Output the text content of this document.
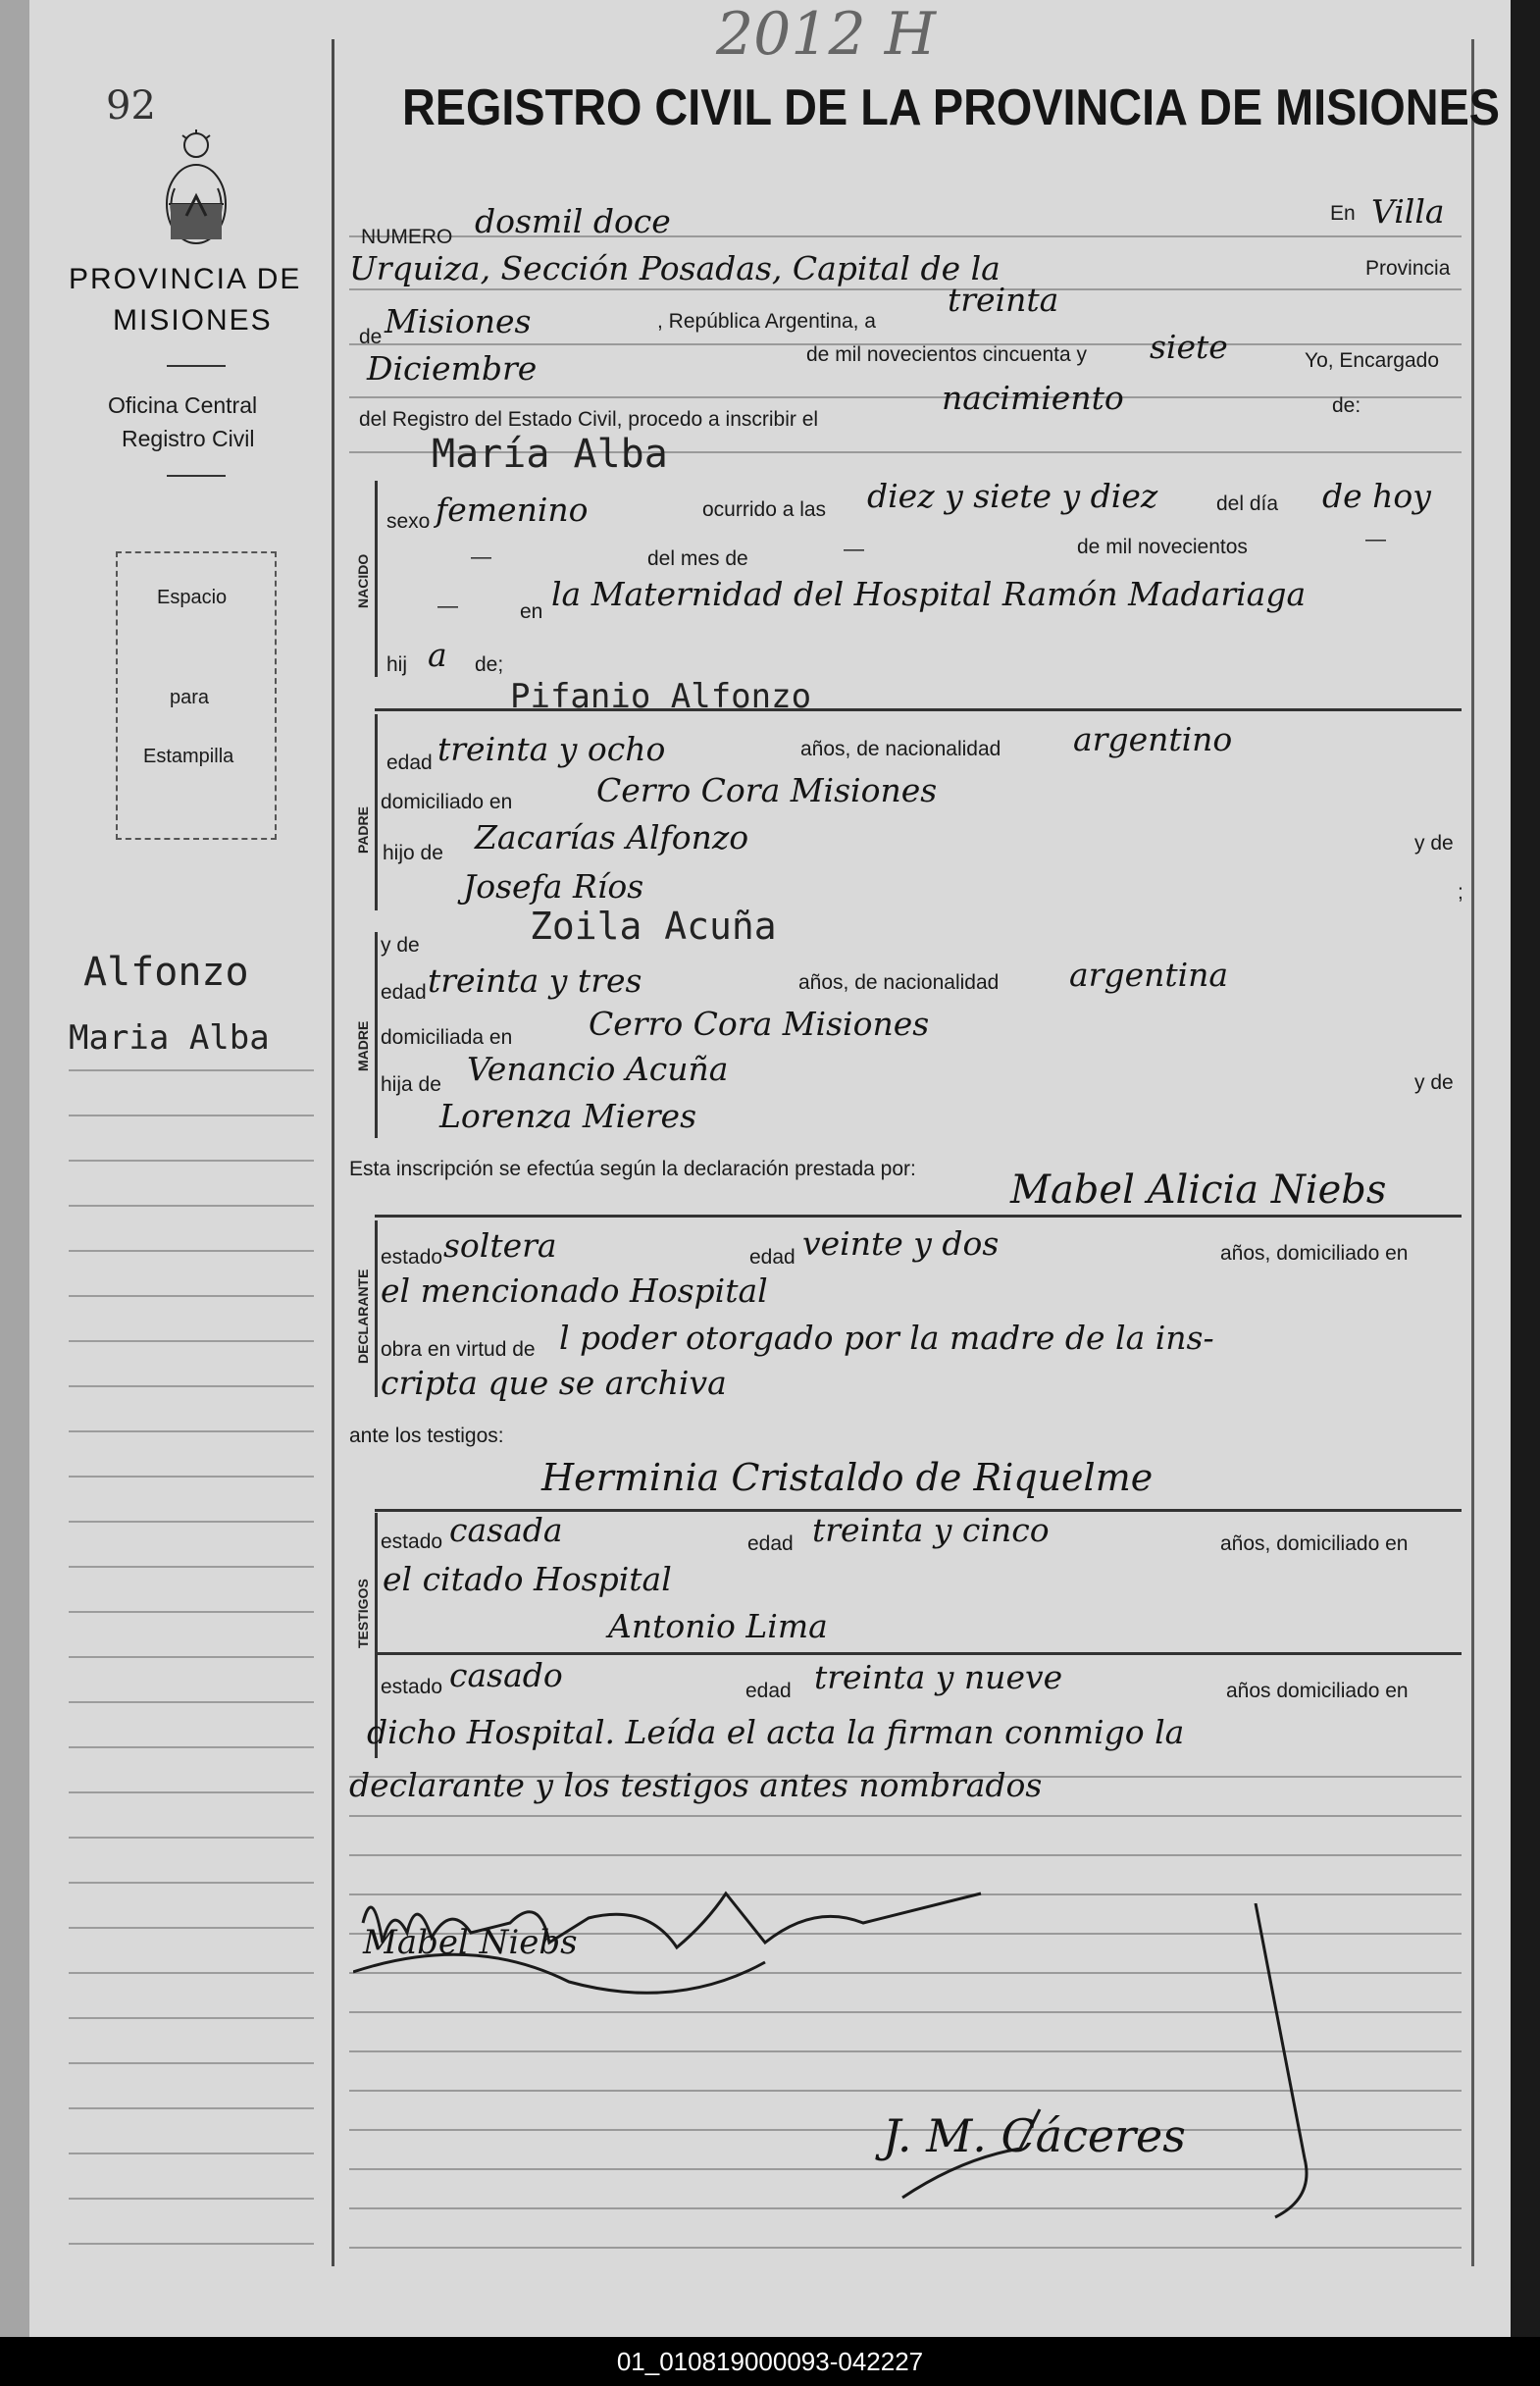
2012 H
92
PROVINCIA DE
MISIONES
Oficina Central
Registro Civil
Espacio
para
Estampilla
Alfonzo
Maria Alba
REGISTRO CIVIL DE LA PROVINCIA DE MISIONES
NUMERO dosmil doce	En Villa
Urquiza, Sección Posadas, Capital de la	Provincia
de Misiones	, República Argentina, a
treinta
Diciembre	de mil novecientos cincuenta y siete	Yo, Encargado
del Registro del Estado Civil, procedo a inscribir el
nacimiento	de:
María Alba
NACIDO
sexo femenino	ocurrido a las diez y siete y diez	del día de hoy
—	del mes de	—	de mil novecientos	—
—	en la Maternidad del Hospital Ramón Madariaga
hij a de;
Pifanio Alfonzo
PADRE
edad treinta y ocho	años, de nacionalidad argentino
domiciliado en	Cerro Cora Misiones
hijo de Zacarías Alfonzo	y de
Josefa Ríos	;
y de	Zoila Acuña
MADRE
edad treinta y tres	años, de nacionalidad argentina
domiciliada en Cerro Cora Misiones
hija de Venancio Acuña	y de
Lorenza Mieres
Esta inscripción se efectúa según la declaración prestada por: Mabel Alicia Niebs
DECLARANTE
estado soltera	edad veinte y dos	años, domiciliado en
el mencionado Hospital
obra en virtud de l poder otorgado por la madre de la ins-
cripta que se archiva
ante los testigos:
Herminia Cristaldo de Riquelme
TESTIGOS
estado casada	edad treinta y cinco	años, domiciliado en
el citado Hospital
Antonio Lima
estado casado	edad treinta y nueve	años domiciliado en
dicho Hospital. Leída el acta la firman conmigo la
declarante y los testigos antes nombrados
Mabel Niebs
J. M. Cáceres
01_010819000093-042227
